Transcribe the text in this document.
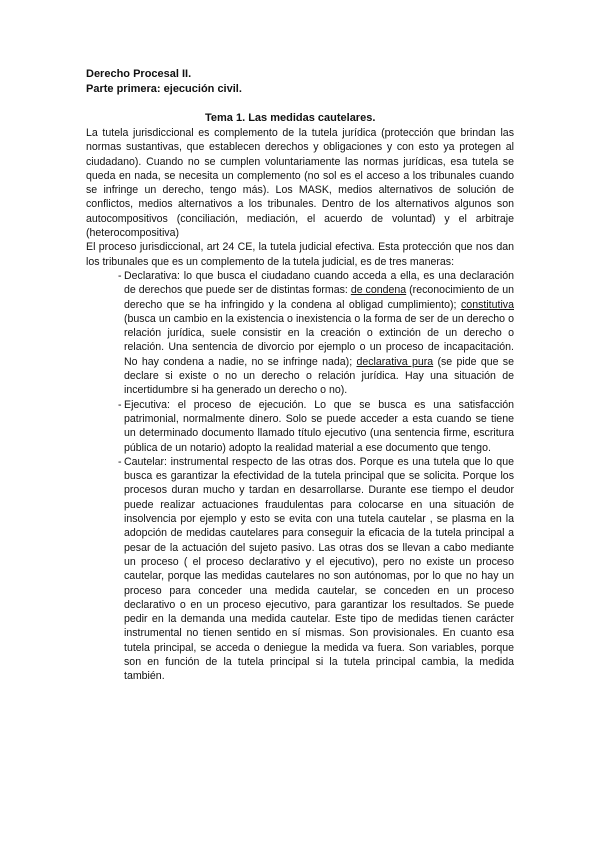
Derecho Procesal II.
Parte primera: ejecución civil.
Tema 1. Las medidas cautelares.

La tutela jurisdiccional es complemento de la tutela jurídica (protección que brindan las normas sustantivas, que establecen derechos y obligaciones y con esto ya protegen al ciudadano). Cuando no se cumplen voluntariamente las normas jurídicas, esa tutela se queda en nada, se necesita un complemento (no sol es el acceso a los tribunales cuando se infringe un derecho, tengo más). Los MASK, medios alternativos de solución de conflictos, medios alternativos a los tribunales. Dentro de los alternativos algunos son autocompositivos (conciliación, mediación, el acuerdo de voluntad) y el arbitraje (heterocompositiva)

El proceso jurisdiccional, art 24 CE, la tutela judicial efectiva. Esta protección que nos dan los tribunales que es un complemento de la tutela judicial, es de tres maneras:

- Declarativa: lo que busca el ciudadano cuando acceda a ella, es una declaración de derechos que puede ser de distintas formas: de condena (reconocimiento de un derecho que se ha infringido y la condena al obligad cumplimiento); constitutiva (busca un cambio en la existencia o inexistencia o la forma de ser de un derecho o relación jurídica, suele consistir en la creación o extinción de un derecho o relación. Una sentencia de divorcio por ejemplo o un proceso de incapacitación. No hay condena a nadie, no se infringe nada); declarativa pura (se pide que se declare si existe o no un derecho o relación jurídica. Hay una situación de incertidumbre si ha generado un derecho o no).
- Ejecutiva: el proceso de ejecución. Lo que se busca es una satisfacción patrimonial, normalmente dinero. Solo se puede acceder a esta cuando se tiene un determinado documento llamado título ejecutivo (una sentencia firme, escritura pública de un notario) adopto la realidad material a ese documento que tengo.
- Cautelar: instrumental respecto de las otras dos. Porque es una tutela que lo que busca es garantizar la efectividad de la tutela principal que se solicita. Porque los procesos duran mucho y tardan en desarrollarse. Durante ese tiempo el deudor puede realizar actuaciones fraudulentas para colocarse en una situación de insolvencia por ejemplo y esto se evita con una tutela cautelar , se plasma en la adopción de medidas cautelares para conseguir la eficacia de la tutela principal a pesar de la actuación del sujeto pasivo. Las otras dos se llevan a cabo mediante un proceso ( el proceso declarativo y el ejecutivo), pero no existe un proceso cautelar, porque las medidas cautelares no son autónomas, por lo que no hay un proceso para conceder una medida cautelar, se conceden en un proceso declarativo o en un proceso ejecutivo, para garantizar los resultados. Se puede pedir en la demanda una medida cautelar. Este tipo de medidas tienen carácter instrumental no tienen sentido en sí mismas. Son provisionales. En cuanto esa tutela principal, se acceda o deniegue la medida va fuera. Son variables, porque son en función de la tutela principal si la tutela principal cambia, la medida también.
